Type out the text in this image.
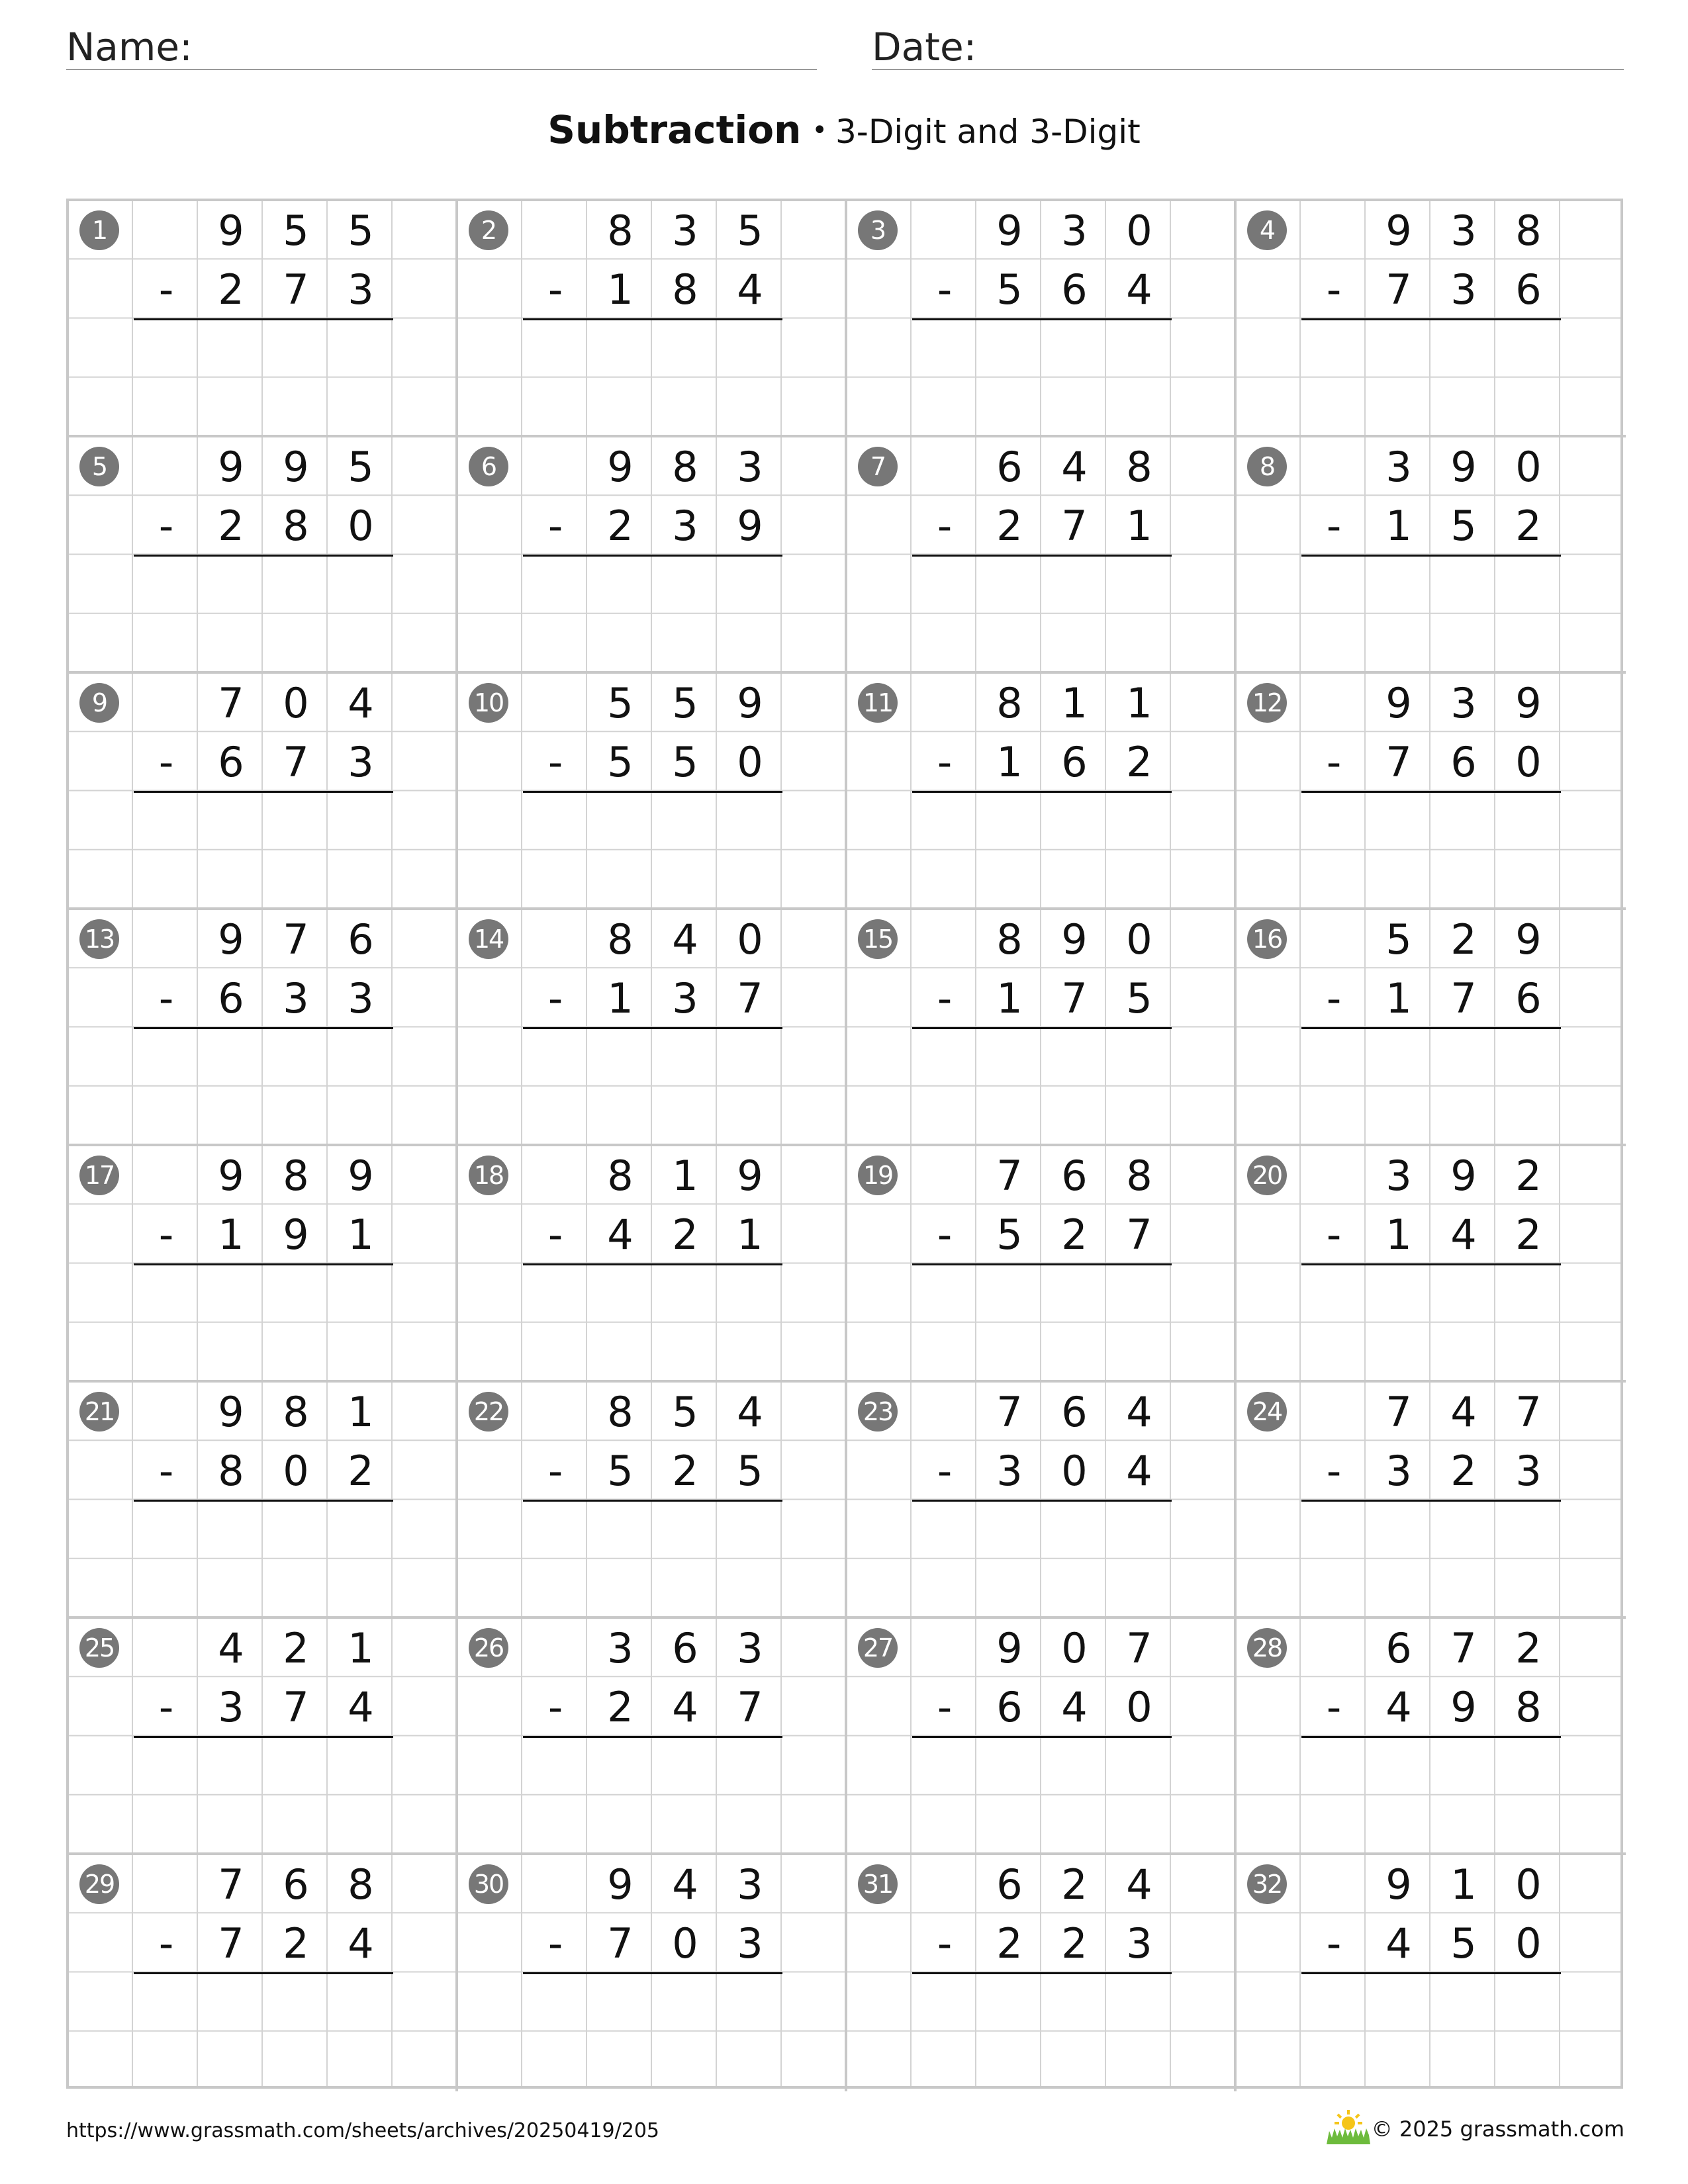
Name:	Date:
Subtraction • 3-Digit and 3-Digit
1	9 5 5
-	2 7 3
2	8 3 5
-	1 8 4
3	9 3 0
-	5 6 4
4	9 3 8
-	7 3 6
5	9 9 5
-	2 8 0
6	9 8 3
-	2 3 9
7	6 4 8
-	2 7 1
8	3 9 0
-	1 5 2
9	7 0 4
-	6 7 3
10	5 5 9
-	5 5 0
11	8 1 1
-	1 6 2
12	9 3 9
-	7 6 0
13	9 7 6
-	6 3 3
14	8 4 0
-	1 3 7
15	8 9 0
-	1 7 5
16	5 2 9
-	1 7 6
17	9 8 9
-	1 9 1
18	8 1 9
-	4 2 1
19	7 6 8
-	5 2 7
20	3 9 2
-	1 4 2
21	9 8 1
-	8 0 2
22	8 5 4
-	5 2 5
23	7 6 4
-	3 0 4
24	7 4 7
-	3 2 3
25	4 2 1
-	3 7 4
26	3 6 3
-	2 4 7
27	9 0 7
-	6 4 0
28	6 7 2
-	4 9 8
29	7 6 8
-	7 2 4
30	9 4 3
-	7 0 3
31	6 2 4
-	2 2 3
32	9 1 0
-	4 5 0
https://www.grassmath.com/sheets/archives/20250419/205	© 2025 grassmath.com
